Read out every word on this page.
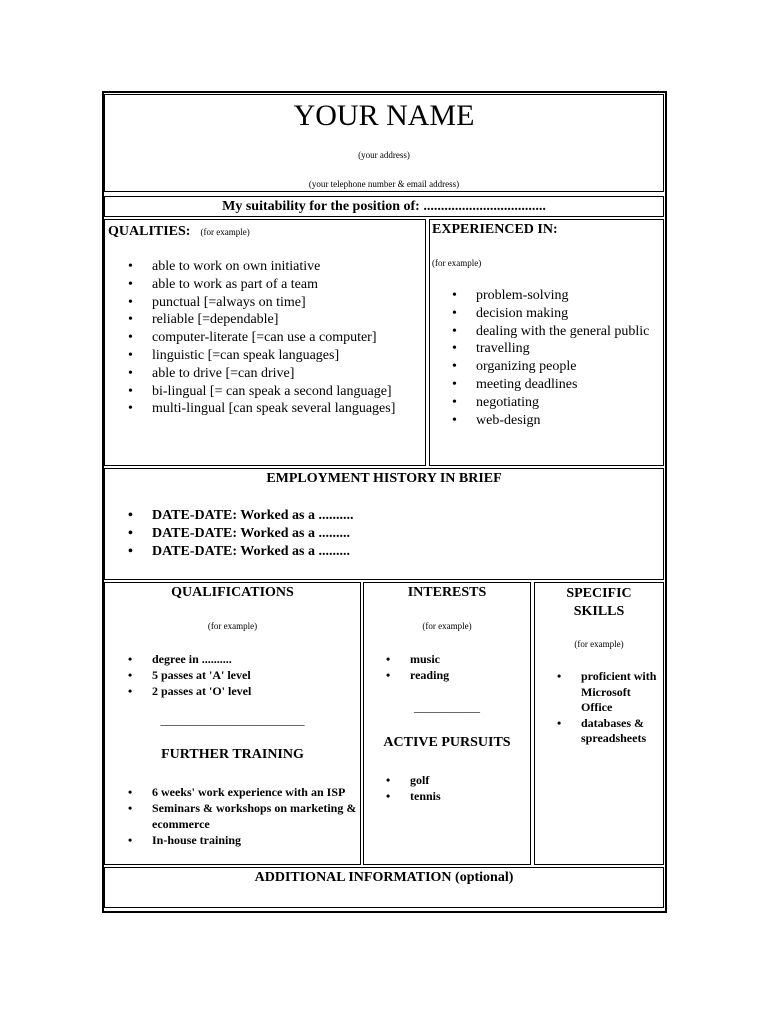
YOUR NAME
(your address)
(your telephone number & email address)
My suitability for the position of: ...................................
QUALITIES: (for example)
• able to work on own initiative
• able to work as part of a team
• punctual [=always on time]
• reliable [=dependable]
• computer-literate [=can use a computer]
• linguistic [=can speak languages]
• able to drive [=can drive]
• bi-lingual [= can speak a second language]
• multi-lingual [can speak several languages]
EXPERIENCED IN:
(for example)
• problem-solving
• decision making
• dealing with the general public
• travelling
• organizing people
• meeting deadlines
• negotiating
• web-design
EMPLOYMENT HISTORY IN BRIEF
• DATE-DATE: Worked as a ..........
• DATE-DATE: Worked as a .........
• DATE-DATE: Worked as a .........
QUALIFICATIONS
(for example)
• degree in ..........
• 5 passes at 'A' level
• 2 passes at 'O' level
________________________
FURTHER TRAINING
• 6 weeks' work experience with an ISP
• Seminars & workshops on marketing & ecommerce
• In-house training
INTERESTS
(for example)
• music
• reading
___________
ACTIVE PURSUITS
• golf
• tennis
SPECIFIC
SKILLS
(for example)
• proficient with Microsoft Office
• databases & spreadsheets
ADDITIONAL INFORMATION (optional)
